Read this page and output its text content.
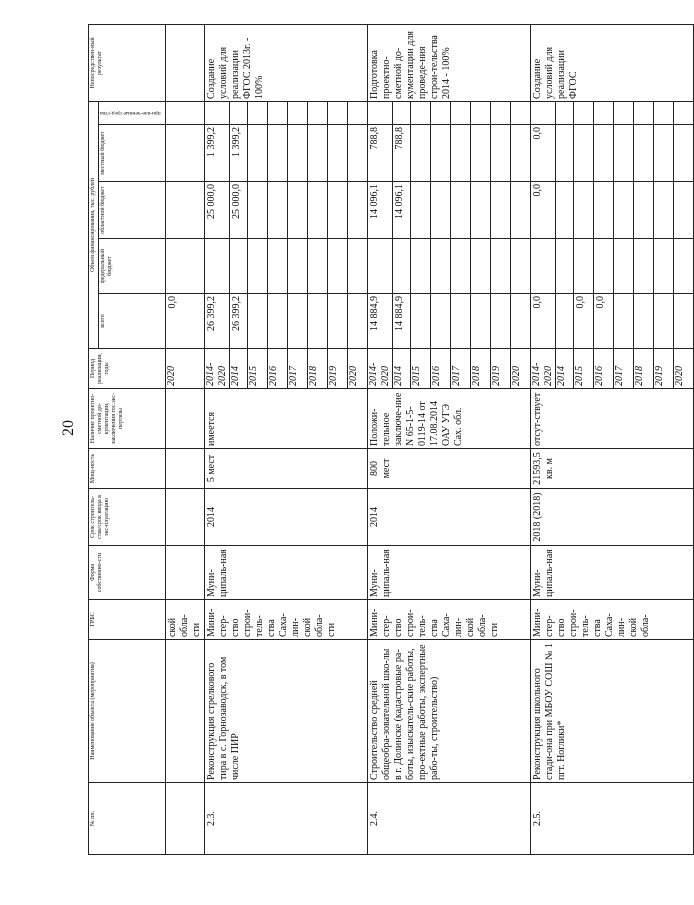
20
№ пп.	Наименование объекта (мероприятия)	ГРБС	Форма собственно-сти	Срок строитель-ства/срок ввода в экс-плуатацию	Мощ-ность	Наличие проектно-сметной до-кументации, заключения гос.экс-пертизы	Период реализации, годы	Объем финансирования, тыс. рублей					Непосредствен-ный результат
								всего	федеральный бюджет	областной бюджет	местный бюджет	при-вле-ченные сред-ства	
		ской обла-сти					2020	0,0					
2.3.	Реконструкция стрелкового тира в с. Горнозаводск, в том числе ПИР	Мини-стер-ство строи-тель-ства Саха-лин-ской обла-сти	Муни-ципаль-ная	2014	5 мест	имеется	2014-2020	26 399,2		25 000,0	1 399,2		Создание условий для реализации ФГОС 2013г. - 100%
							2014	26 399,2		25 000,0	1 399,2		
							2015						
							2016						
							2017						
							2018						
							2019						
							2020						
2.4.	Строительство средней общеобра-зовательной шко-лы в г. Долинске (кадастровые ра-боты, изыскатель-ские работы, про-ектные работы, экспертные рабо-ты, строительство)	Мини-стер-ство строи-тель-ства Саха-лин-ской обла-сти	Муни-ципаль-ная	2014	800 мест	Положи-тельное заключе-ние N 65-1-5-0119-14 от 17.08.2014 ОАУ УГЭ Сах. обл.	2014-2020	14 884,9		14 096,1	788,8		Подготовка проектно-сметной до-кументации для проведе-ния строи-тельства 2014 - 100%
							2014	14 884,9		14 096,1	788,8		
							2015						
							2016						
							2017						
							2018						
							2019						
							2020						
2.5.	Реконструкция школьного стади-она при МБОУ СОШ № 1 пгт. Ноглики*	Мини-стер-ство строи-тель-ства Саха-лин-ской обла-	Муни-ципаль-ная	2018 (2018)	21593,5 кв. м	отсут-ствует	2014-2020	0,0		0,0	0,0		Создание условий для реализации ФГОС
							2014						
							2015	0,0					
							2016	0,0					
							2017						
							2018						
							2019						
							2020						
